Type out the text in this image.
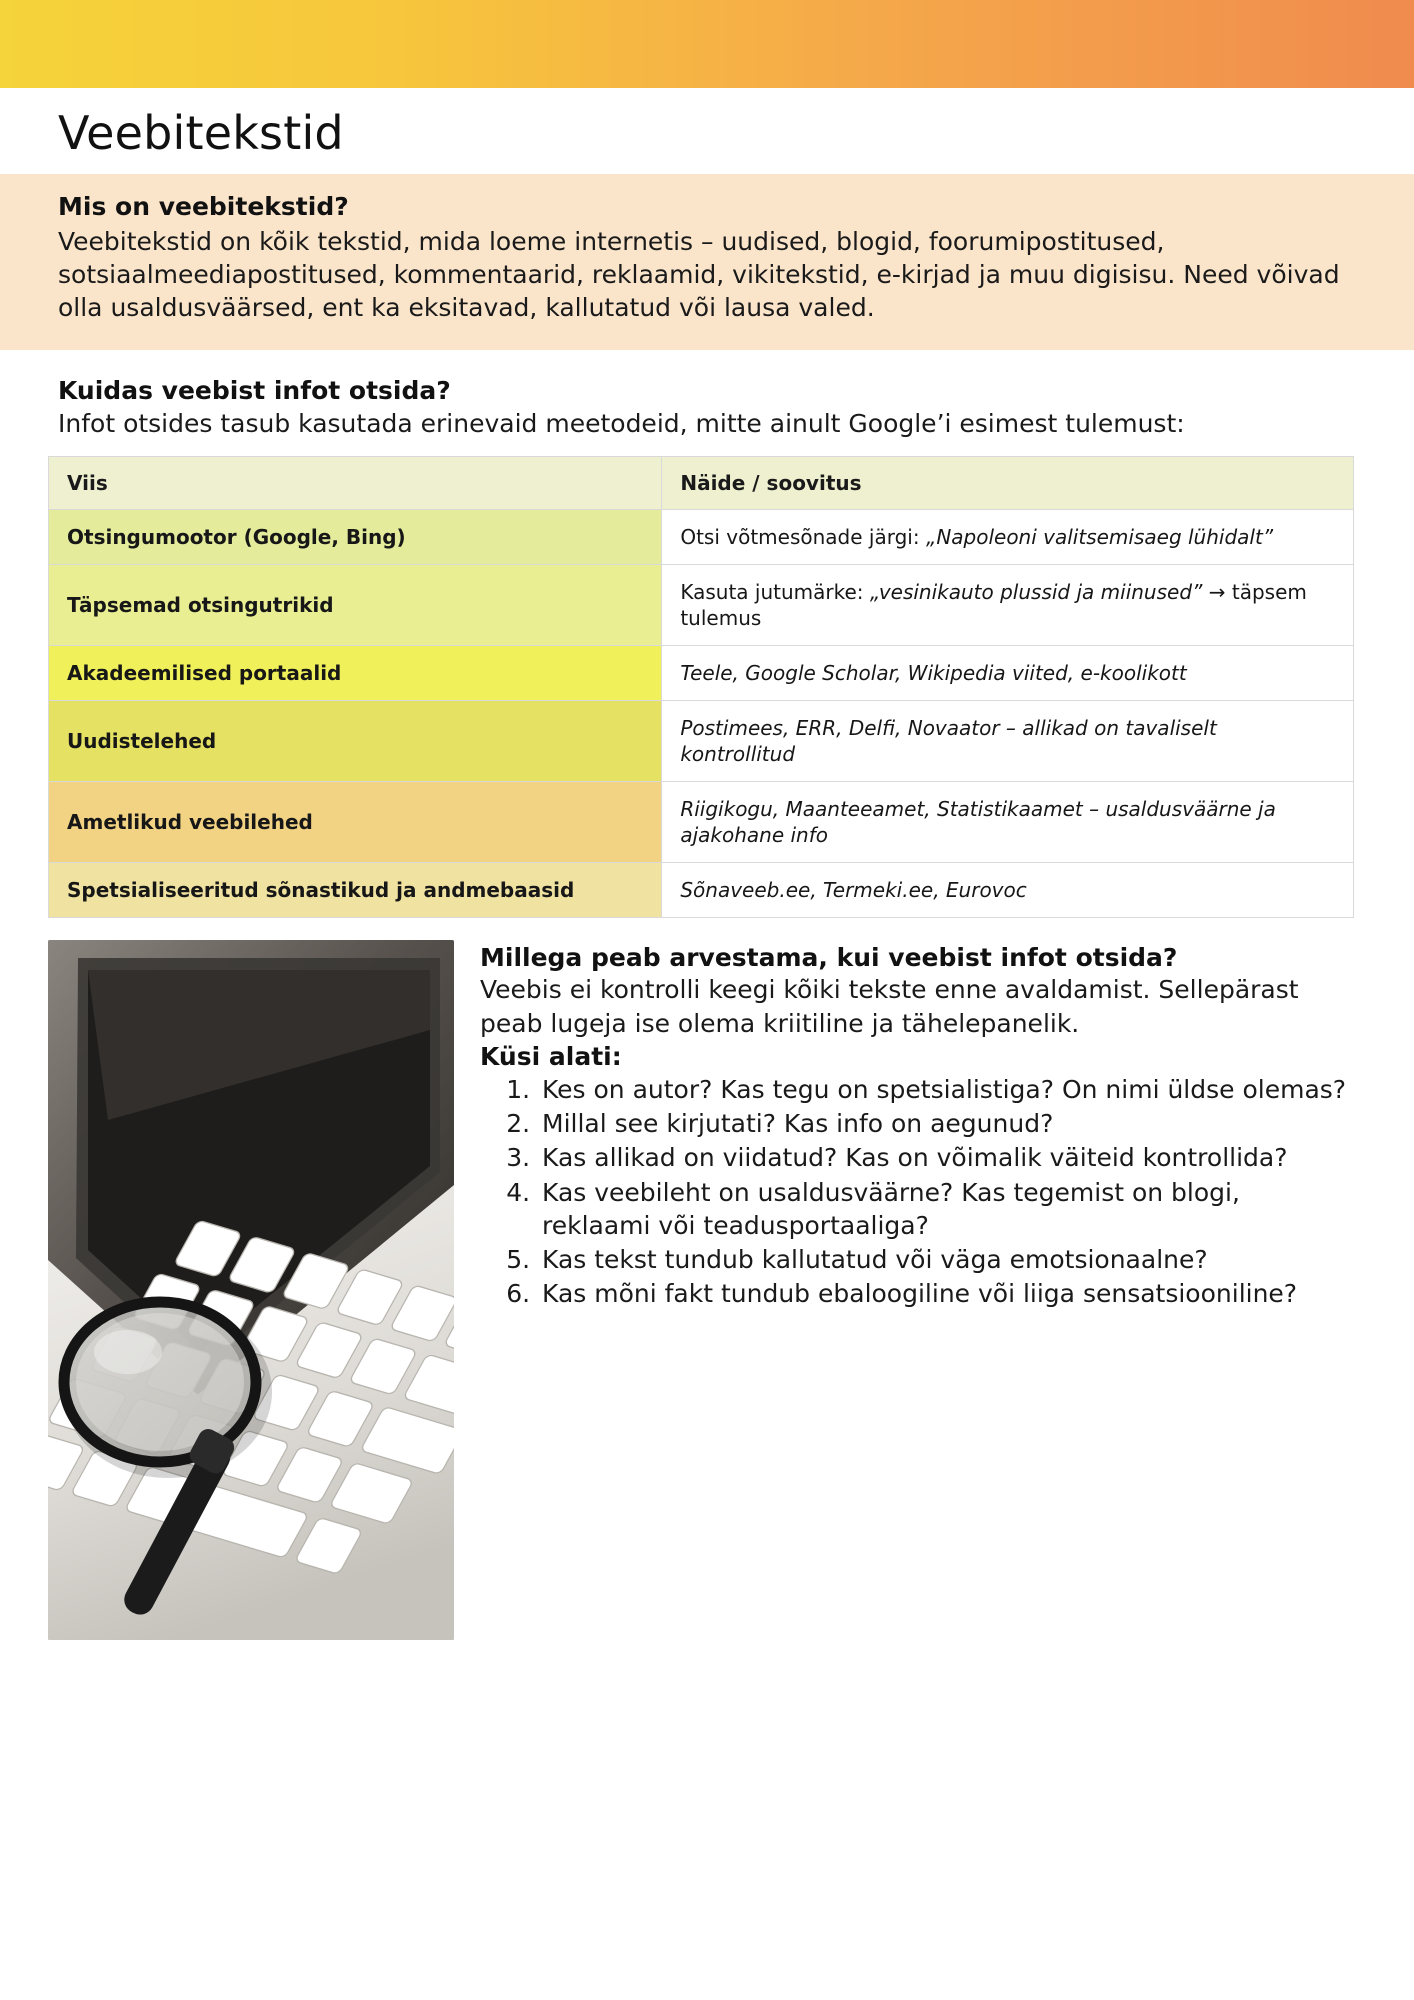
Veebitekstid
Mis on veebitekstid?
Veebitekstid on kõik tekstid, mida loeme internetis – uudised, blogid, foorumipostitused, sotsiaalmeediapostitused, kommentaarid, reklaamid, vikitekstid, e-kirjad ja muu digisisu. Need võivad olla usaldusväärsed, ent ka eksitavad, kallutatud või lausa valed.
Kuidas veebist infot otsida?
Infot otsides tasub kasutada erinevaid meetodeid, mitte ainult Google’i esimest tulemust:
Viis	Näide / soovitus
Otsingumootor (Google, Bing)	Otsi võtmesõnade järgi: „Napoleoni valitsemisaeg lühidalt”
Täpsemad otsingutrikid	Kasuta jutumärke: „vesinikauto plussid ja miinused” → täpsem tulemus
Akadeemilised portaalid	Teele, Google Scholar, Wikipedia viited, e-koolikott
Uudistelehed	Postimees, ERR, Delfi, Novaator – allikad on tavaliselt kontrollitud
Ametlikud veebilehed	Riigikogu, Maanteeamet, Statistikaamet – usaldusväärne ja ajakohane info
Spetsialiseeritud sõnastikud ja andmebaasid	Sõnaveeb.ee, Termeki.ee, Eurovoc
Millega peab arvestama, kui veebist infot otsida?
Veebis ei kontrolli keegi kõiki tekste enne avaldamist. Sellepärast peab lugeja ise olema kriitiline ja tähelepanelik.
Küsi alati:
1. Kes on autor? Kas tegu on spetsialistiga? On nimi üldse olemas?
2. Millal see kirjutati? Kas info on aegunud?
3. Kas allikad on viidatud? Kas on võimalik väiteid kontrollida?
4. Kas veebileht on usaldusväärne? Kas tegemist on blogi, reklaami või teadusportaaliga?
5. Kas tekst tundub kallutatud või väga emotsionaalne?
6. Kas mõni fakt tundub ebaloogiline või liiga sensatsiooniline?
